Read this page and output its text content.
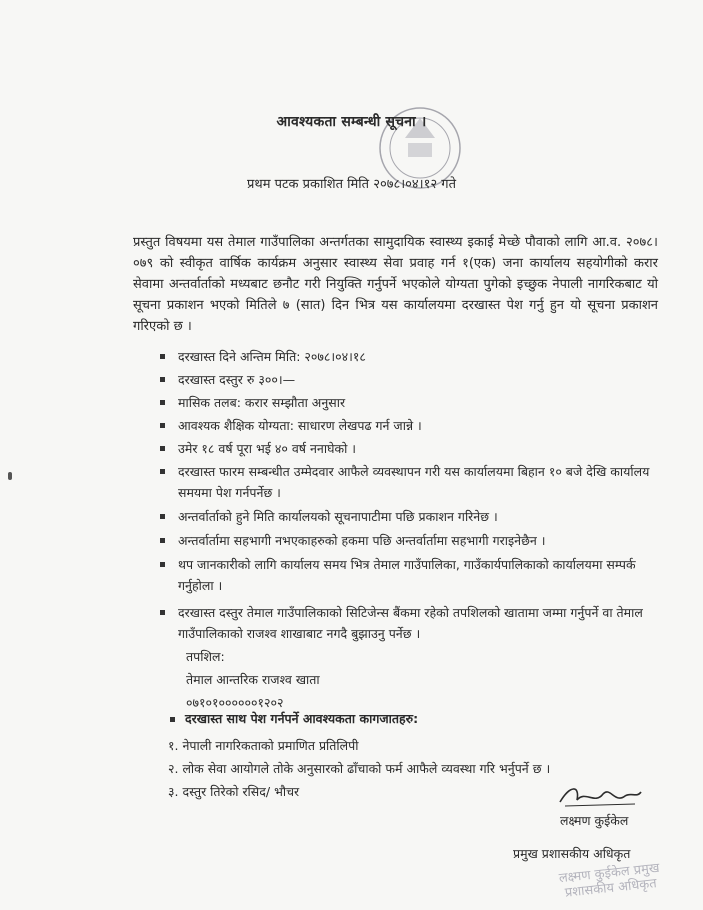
आवश्यकता सम्बन्धी सूचना ।
प्रथम पटक प्रकाशित मिति २०७८।०४।१२ गते
प्रस्तुत विषयमा यस तेमाल गाउँपालिका अन्तर्गतका सामुदायिक स्वास्थ्य इकाई मेच्छे पौवाको लागि आ.व. २०७८।०७९ को स्वीकृत वार्षिक कार्यक्रम अनुसार स्वास्थ्य सेवा प्रवाह गर्न १(एक) जना कार्यालय सहयोगीको करार सेवामा अन्तर्वार्ताको मध्यबाट छनौट गरी नियुक्ति गर्नुपर्ने भएकोले योग्यता पुगेको इच्छुक नेपाली नागरिकबाट यो सूचना प्रकाशन भएको मितिले ७ (सात) दिन भित्र यस कार्यालयमा दरखास्त पेश गर्नु हुन यो सूचना प्रकाशन गरिएको छ ।
दरखास्त दिने अन्तिम मिति: २०७८।०४।१८
दरखास्त दस्तुर रु ३००।—
मासिक तलब: करार सम्झौता अनुसार
आवश्यक शैक्षिक योग्यता: साधारण लेखपढ गर्न जान्ने ।
उमेर १८ वर्ष पूरा भई ४० वर्ष ननाघेको ।
दरखास्त फारम सम्बन्धीत उम्मेदवार आफैले व्यवस्थापन गरी यस कार्यालयमा बिहान १० बजे देखि कार्यालय समयमा पेश गर्नपर्नेछ ।
अन्तर्वार्ताको हुने मिति कार्यालयको सूचनापाटीमा पछि प्रकाशन गरिनेछ ।
अन्तर्वार्तामा सहभागी नभएकाहरुको हकमा पछि अन्तर्वार्तामा सहभागी गराइनेछैन ।
थप जानकारीको लागि कार्यालय समय भित्र तेमाल गाउँपालिका, गाउँकार्यपालिकाको कार्यालयमा सम्पर्क गर्नुहोला ।
दरखास्त दस्तुर तेमाल गाउँपालिकाको सिटिजेन्स बैंकमा रहेको तपशिलको खातामा जम्मा गर्नुपर्ने वा तेमाल गाउँपालिकाको राजश्व शाखाबाट नगदै बुझाउनु पर्नेछ ।
तपशिल:
तेमाल आन्तरिक राजश्व खाता
०७१०१००००००१२०२
दरखास्त साथ पेश गर्नपर्ने आवश्यकता कागजातहरु:
१. नेपाली नागरिकताको प्रमाणित प्रतिलिपी
२. लोक सेवा आयोगले तोके अनुसारको ढाँचाको फर्म आफैले व्यवस्था गरि भर्नुपर्ने छ ।
३. दस्तुर तिरेको रसिद/ भौचर
लक्ष्मण कुईकेल
प्रमुख प्रशासकीय अधिकृत
लक्ष्मण कुईकेल प्रमुख प्रशासकीय अधिकृत
